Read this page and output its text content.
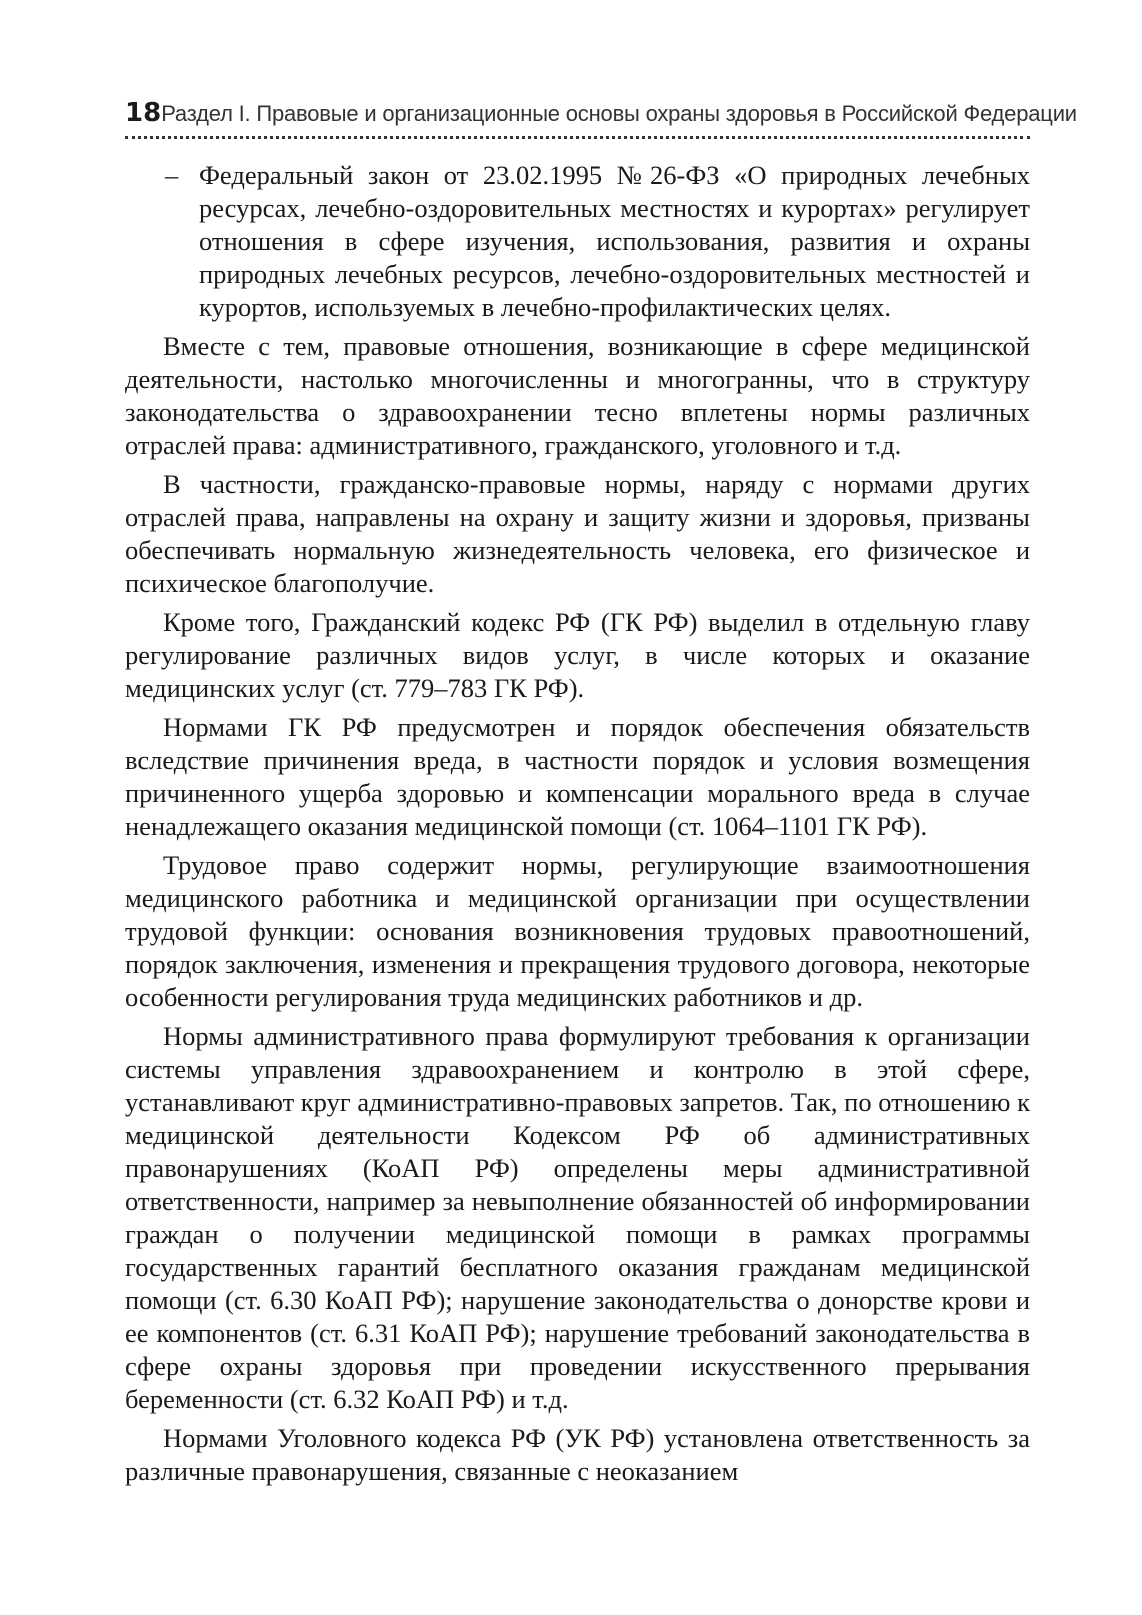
18 Раздел I. Правовые и организационные основы охраны здоровья в Российской Федерации
– Федеральный закон от 23.02.1995 №26-ФЗ «О природных лечебных ресурсах, лечебно-оздоровительных местностях и курортах» регулирует отношения в сфере изучения, использования, развития и охраны природных лечебных ресурсов, лечебно-оздоровительных местностей и курортов, используемых в лечебно-профилактических целях.

Вместе с тем, правовые отношения, возникающие в сфере медицинской деятельности, настолько многочисленны и многогранны, что в структуру законодательства о здравоохранении тесно вплетены нормы различных отраслей права: административного, гражданского, уголовного и т.д.

В частности, гражданско-правовые нормы, наряду с нормами других отраслей права, направлены на охрану и защиту жизни и здоровья, призваны обеспечивать нормальную жизнедеятельность человека, его физическое и психическое благополучие.

Кроме того, Гражданский кодекс РФ (ГК РФ) выделил в отдельную главу регулирование различных видов услуг, в числе которых и оказание медицинских услуг (ст. 779–783 ГК РФ).

Нормами ГК РФ предусмотрен и порядок обеспечения обязательств вследствие причинения вреда, в частности порядок и условия возмещения причиненного ущерба здоровью и компенсации морального вреда в случае ненадлежащего оказания медицинской помощи (ст. 1064–1101 ГК РФ).

Трудовое право содержит нормы, регулирующие взаимоотношения медицинского работника и медицинской организации при осуществлении трудовой функции: основания возникновения трудовых правоотношений, порядок заключения, изменения и прекращения трудового договора, некоторые особенности регулирования труда медицинских работников и др.

Нормы административного права формулируют требования к организации системы управления здравоохранением и контролю в этой сфере, устанавливают круг административно-правовых запретов. Так, по отношению к медицинской деятельности Кодексом РФ об административных правонарушениях (КоАП РФ) определены меры административной ответственности, например за невыполнение обязанностей об информировании граждан о получении медицинской помощи в рамках программы государственных гарантий бесплатного оказания гражданам медицинской помощи (ст. 6.30 КоАП РФ); нарушение законодательства о донорстве крови и ее компонентов (ст. 6.31 КоАП РФ); нарушение требований законодательства в сфере охраны здоровья при проведении искусственного прерывания беременности (ст. 6.32 КоАП РФ) и т.д.

Нормами Уголовного кодекса РФ (УК РФ) установлена ответственность за различные правонарушения, связанные с неоказанием
